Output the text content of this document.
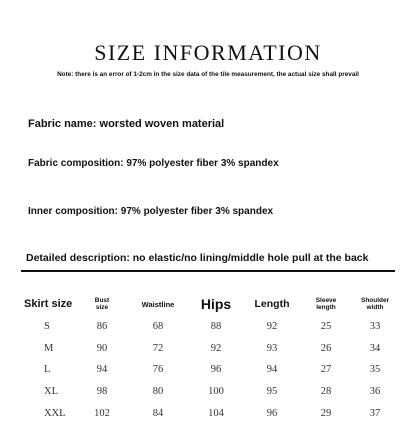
SIZE INFORMATION
Note: there is an error of 1-2cm in the size data of the tile measurement, the actual size shall prevail
Fabric name: worsted woven material
Fabric composition: 97% polyester fiber 3% spandex
Inner composition: 97% polyester fiber 3% spandex
Detailed description: no elastic/no lining/middle hole pull at the back
Skirt size	Bust size	Waistline	Hips	Length	Sleeve length	Shoulder width

S	86	68	88	92	25	33
M	90	72	92	93	26	34
L	94	76	96	94	27	35
XL	98	80	100	95	28	36
XXL	102	84	104	96	29	37
